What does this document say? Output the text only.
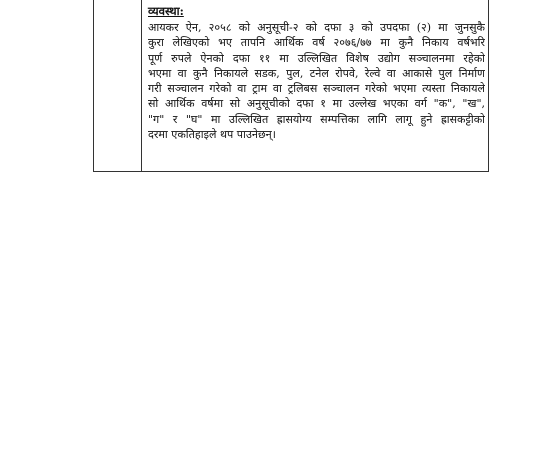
व्यवस्था:
आयकर ऐन, २०५८ को अनुसूची-२ को दफा ३ को उपदफा (२) मा जुनसुकै
कुरा लेखिएको भए तापनि आर्थिक वर्ष २०७६/७७ मा कुनै निकाय वर्षभरि
पूर्ण रुपले ऐनको दफा ११ मा उल्लिखित विशेष उद्योग सञ्चालनमा रहेको
भएमा वा कुनै निकायले सडक, पुल, टनेल रोपवे, रेल्वे वा आकासे पुल निर्माण
गरी सञ्चालन गरेको वा ट्राम वा ट्रलिबस सञ्चालन गरेको भएमा त्यस्ता निकायले
सो आर्थिक वर्षमा सो अनुसूचीको दफा १ मा उल्लेख भएका वर्ग "क", "ख",
"ग" र "घ" मा उल्लिखित ह्रासयोग्य सम्पत्तिका लागि लागू हुने ह्रासकट्टीको
दरमा एकतिहाइले थप पाउनेछन्।
